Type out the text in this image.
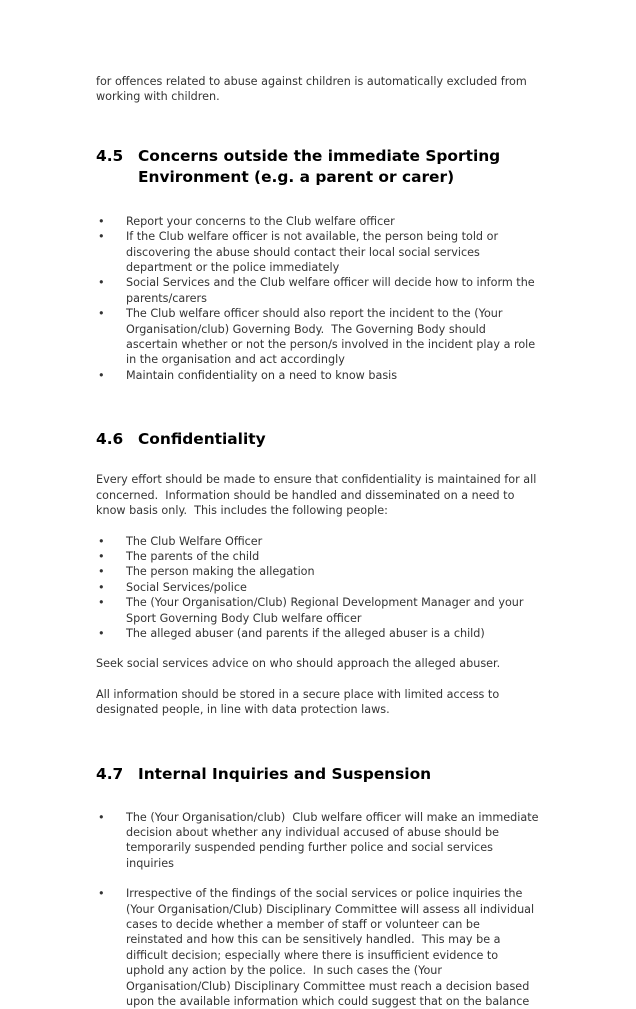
for offences related to abuse against children is automatically excluded from working with children.

4.5 Concerns outside the immediate Sporting Environment (e.g. a parent or carer)
• Report your concerns to the Club welfare officer
• If the Club welfare officer is not available, the person being told or discovering the abuse should contact their local social services department or the police immediately
• Social Services and the Club welfare officer will decide how to inform the parents/carers
• The Club welfare officer should also report the incident to the (Your Organisation/club) Governing Body.  The Governing Body should ascertain whether or not the person/s involved in the incident play a role in the organisation and act accordingly
• Maintain confidentiality on a need to know basis
4.6 Confidentiality

Every effort should be made to ensure that confidentiality is maintained for all concerned.  Information should be handled and disseminated on a need to know basis only.  This includes the following people:

• The Club Welfare Officer
• The parents of the child
• The person making the allegation
• Social Services/police
• The (Your Organisation/Club) Regional Development Manager and your Sport Governing Body Club welfare officer
• The alleged abuser (and parents if the alleged abuser is a child)

Seek social services advice on who should approach the alleged abuser.

All information should be stored in a secure place with limited access to designated people, in line with data protection laws.

4.7 Internal Inquiries and Suspension
• The (Your Organisation/club)  Club welfare officer will make an immediate decision about whether any individual accused of abuse should be temporarily suspended pending further police and social services inquiries
• Irrespective of the findings of the social services or police inquiries the (Your Organisation/Club) Disciplinary Committee will assess all individual cases to decide whether a member of staff or volunteer can be reinstated and how this can be sensitively handled.  This may be a difficult decision; especially where there is insufficient evidence to uphold any action by the police.  In such cases the (Your Organisation/Club) Disciplinary Committee must reach a decision based upon the available information which could suggest that on the balance
